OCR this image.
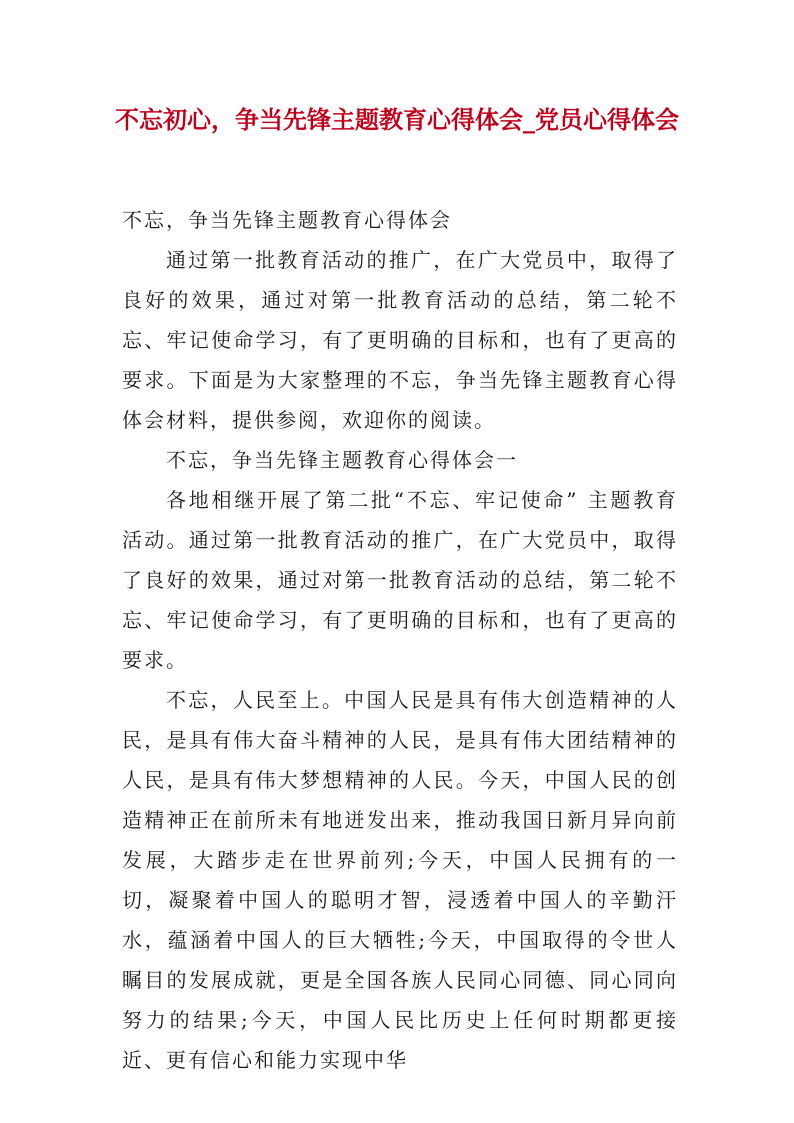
不忘初心，争当先锋主题教育心得体会_党员心得体会

不忘，争当先锋主题教育心得体会

通过第一批教育活动的推广，在广大党员中，取得了良好的效果，通过对第一批教育活动的总结，第二轮不忘、牢记使命学习，有了更明确的目标和，也有了更高的要求。下面是为大家整理的不忘，争当先锋主题教育心得体会材料，提供参阅，欢迎你的阅读。

不忘，争当先锋主题教育心得体会一

各地相继开展了第二批“不忘、牢记使命” 主题教育活动。通过第一批教育活动的推广，在广大党员中，取得了良好的效果，通过对第一批教育活动的总结，第二轮不忘、牢记使命学习，有了更明确的目标和，也有了更高的要求。

不忘，人民至上。中国人民是具有伟大创造精神的人民，是具有伟大奋斗精神的人民，是具有伟大团结精神的人民，是具有伟大梦想精神的人民。今天，中国人民的创造精神正在前所未有地迸发出来，推动我国日新月异向前发展，大踏步走在世界前列;今天，中国人民拥有的一切，凝聚着中国人的聪明才智，浸透着中国人的辛勤汗水，蕴涵着中国人的巨大牺牲;今天，中国取得的令世人瞩目的发展成就，更是全国各族人民同心同德、同心同向努力的结果;今天，中国人民比历史上任何时期都更接近、更有信心和能力实现中华
